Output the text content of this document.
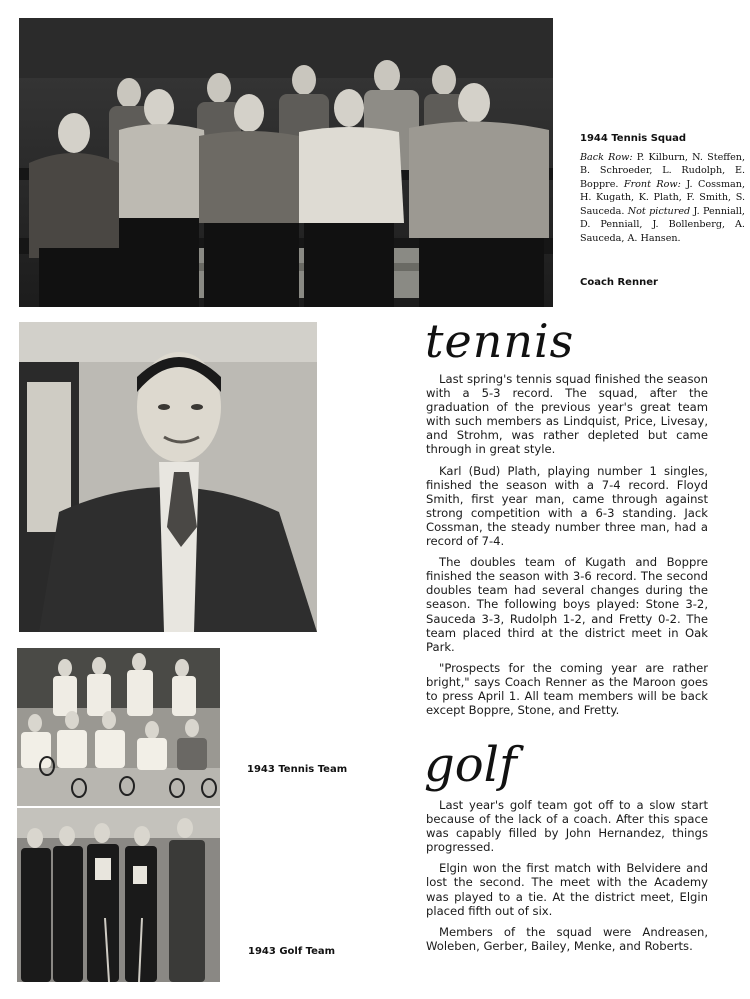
1944 Tennis Squad
Back Row: P. Kilburn, N. Steffen, B. Schroeder, L. Rudolph, E. Boppre. Front Row: J. Cossman, H. Kugath, K. Plath, F. Smith, S. Sauceda. Not pictured J. Penniall, D. Penniall, J. Bollenberg, A. Sauceda, A. Hansen.
Coach Renner
tennis

Last spring's tennis squad finished the season with a 5-3 record. The squad, after the graduation of the previous year's great team with such members as Lindquist, Price, Livesay, and Strohm, was rather depleted but came through in great style.

Karl (Bud) Plath, playing number 1 singles, finished the season with a 7-4 record. Floyd Smith, first year man, came through against strong competition with a 6-3 standing. Jack Cossman, the steady number three man, had a record of 7-4.

The doubles team of Kugath and Boppre finished the season with 3-6 record. The second doubles team had several changes during the season. The following boys played: Stone 3-2, Sauceda 3-3, Rudolph 1-2, and Fretty 0-2. The team placed third at the district meet in Oak Park.

"Prospects for the coming year are rather bright," says Coach Renner as the Maroon goes to press April 1. All team members will be back except Boppre, Stone, and Fretty.

1943 Tennis Team golf

Last year's golf team got off to a slow start because of the lack of a coach. After this space was capably filled by John Hernandez, things progressed.

Elgin won the first match with Belvidere and lost the second. The meet with the Academy was played to a tie. At the district meet, Elgin placed fifth out of six.

Members of the squad were Andreasen, Woleben, Gerber, Bailey, Menke, and Roberts.

1943 Golf Team
